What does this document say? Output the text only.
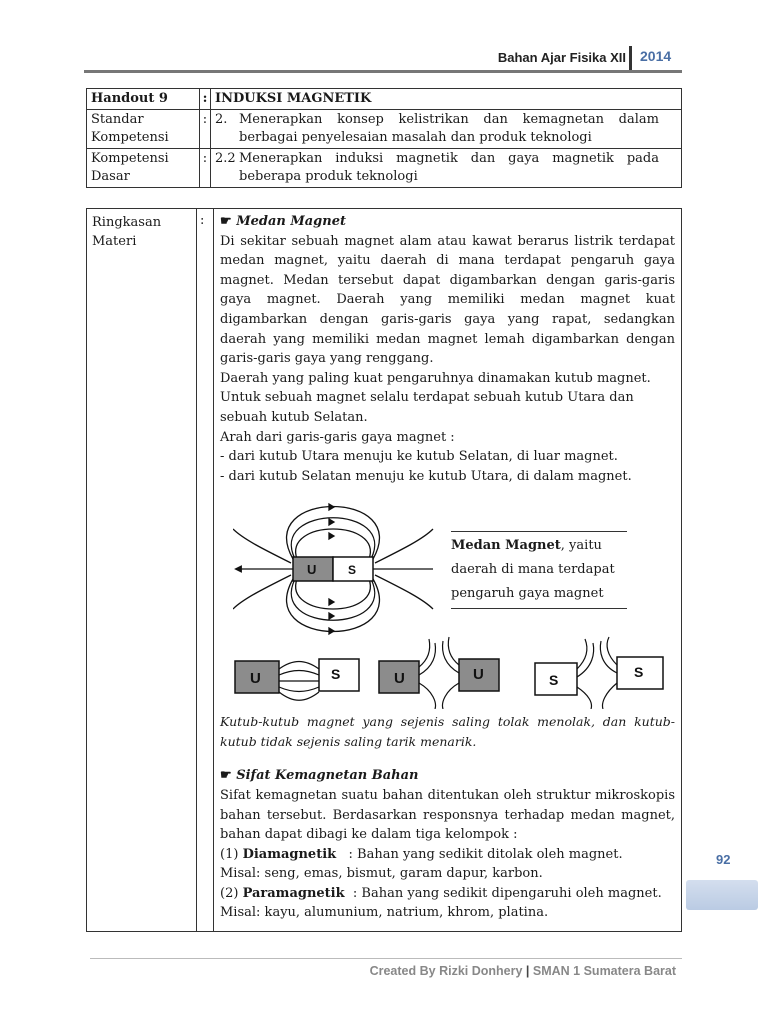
Bahan Ajar Fisika XII 2014
Handout 9	:	INDUKSI MAGNETIK
Standar Kompetensi	:	2. Menerapkan konsep kelistrikan dan kemagnetan dalam berbagai penyelesaian masalah dan produk teknologi
Kompetensi Dasar	:	2.2 Menerapkan induksi magnetik dan gaya magnetik pada beberapa produk teknologi
Ringkasan Materi
: ☛ Medan Magnet

Di sekitar sebuah magnet alam atau kawat berarus listrik terdapat medan magnet, yaitu daerah di mana terdapat pengaruh gaya magnet. Medan tersebut dapat digambarkan dengan garis-garis gaya magnet. Daerah yang memiliki medan magnet kuat digambarkan dengan garis-garis gaya yang rapat, sedangkan daerah yang memiliki medan magnet lemah digambarkan dengan garis-garis gaya yang renggang.

Daerah yang paling kuat pengaruhnya dinamakan kutub magnet.

Untuk sebuah magnet selalu terdapat sebuah kutub Utara dan sebuah kutub Selatan.

Arah dari garis-garis gaya magnet :

- dari kutub Utara menuju ke kutub Selatan, di luar magnet.

- dari kutub Selatan menuju ke kutub Utara, di dalam magnet.

Kutub-kutub magnet yang sejenis saling tolak menolak, dan kutub-kutub tidak sejenis saling tarik menarik.

☛ Sifat Kemagnetan Bahan

Sifat kemagnetan suatu bahan ditentukan oleh struktur mikroskopis bahan tersebut. Berdasarkan responsnya terhadap medan magnet, bahan dapat dibagi ke dalam tiga kelompok :

(1) Diamagnetik : Bahan yang sedikit ditolak oleh magnet.

Misal: seng, emas, bismut, garam dapur, karbon.

(2) Paramagnetik : Bahan yang sedikit dipengaruhi oleh magnet.

Misal: kayu, alumunium, natrium, khrom, platina.

U	S
U	S	U	U	S	S
Medan Magnet, yaitu daerah di mana terdapat pengaruh gaya magnet
92
Created By Rizki Donhery | SMAN 1 Sumatera Barat
